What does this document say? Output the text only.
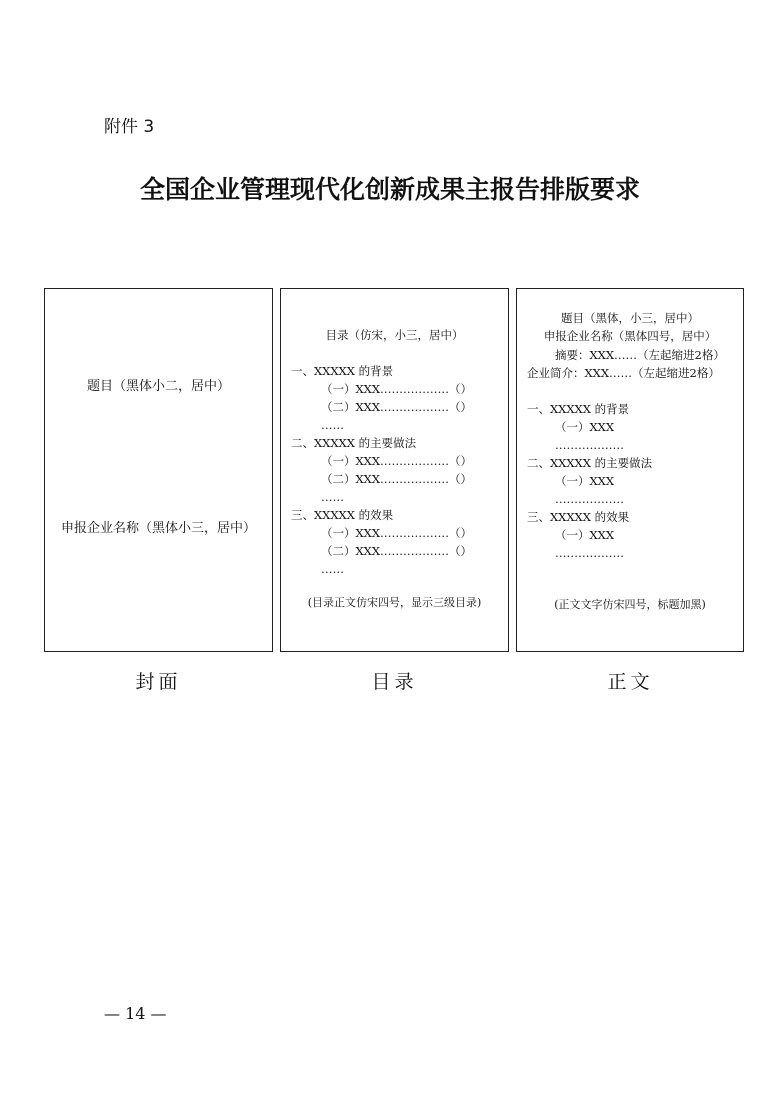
附件 3
全国企业管理现代化创新成果主报告排版要求
题目（黑体小二，居中）
申报企业名称（黑体小三，居中）
目录（仿宋，小三，居中）
一、XXXXX 的背景
（一）XXX………………（）
（二）XXX………………（）
……
二、XXXXX 的主要做法
（一）XXX………………（）
（二）XXX………………（）
……
三、XXXXX 的效果
（一）XXX………………（）
（二）XXX………………（）
……
(目录正文仿宋四号，显示三级目录)
题目（黑体，小三，居中）
申报企业名称（黑体四号，居中）
摘要：XXX……（左起缩进2格）
企业简介：XXX……（左起缩进2格）
一、XXXXX 的背景
（一）XXX
………………
二、XXXXX 的主要做法
（一）XXX
………………
三、XXXXX 的效果
（一）XXX
………………
(正文文字仿宋四号，标题加黑)
封面	目录	正文
— 14 —
